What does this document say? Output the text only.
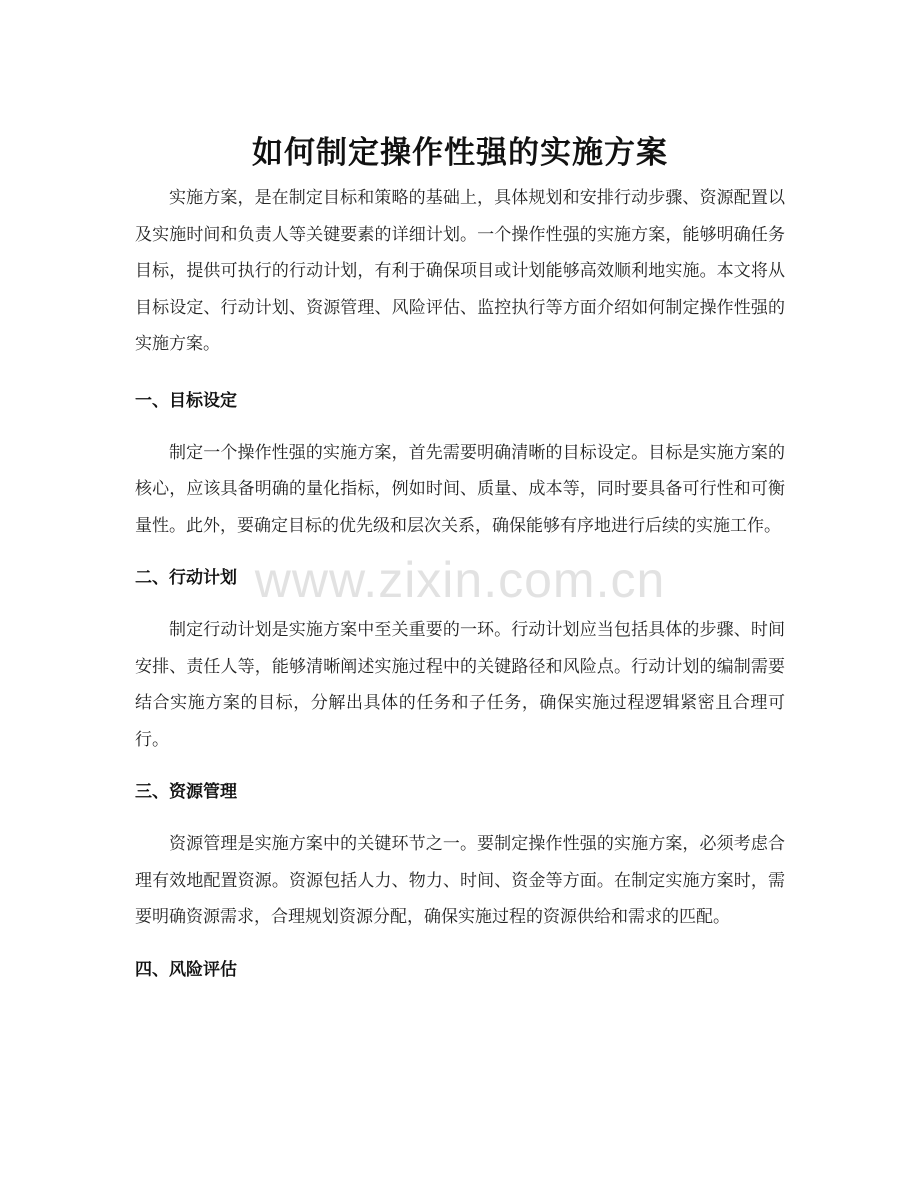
如何制定操作性强的实施方案

实施方案，是在制定目标和策略的基础上，具体规划和安排行动步骤、资源配置以及实施时间和负责人等关键要素的详细计划。一个操作性强的实施方案，能够明确任务目标，提供可执行的行动计划，有利于确保项目或计划能够高效顺利地实施。本文将从目标设定、行动计划、资源管理、风险评估、监控执行等方面介绍如何制定操作性强的实施方案。

一、目标设定

制定一个操作性强的实施方案，首先需要明确清晰的目标设定。目标是实施方案的核心，应该具备明确的量化指标，例如时间、质量、成本等，同时要具备可行性和可衡量性。此外，要确定目标的优先级和层次关系，确保能够有序地进行后续的实施工作。

二、行动计划

制定行动计划是实施方案中至关重要的一环。行动计划应当包括具体的步骤、时间安排、责任人等，能够清晰阐述实施过程中的关键路径和风险点。行动计划的编制需要结合实施方案的目标，分解出具体的任务和子任务，确保实施过程逻辑紧密且合理可行。

三、资源管理

资源管理是实施方案中的关键环节之一。要制定操作性强的实施方案，必须考虑合理有效地配置资源。资源包括人力、物力、时间、资金等方面。在制定实施方案时，需要明确资源需求，合理规划资源分配，确保实施过程的资源供给和需求的匹配。

四、风险评估
www.zixin.com.cn
